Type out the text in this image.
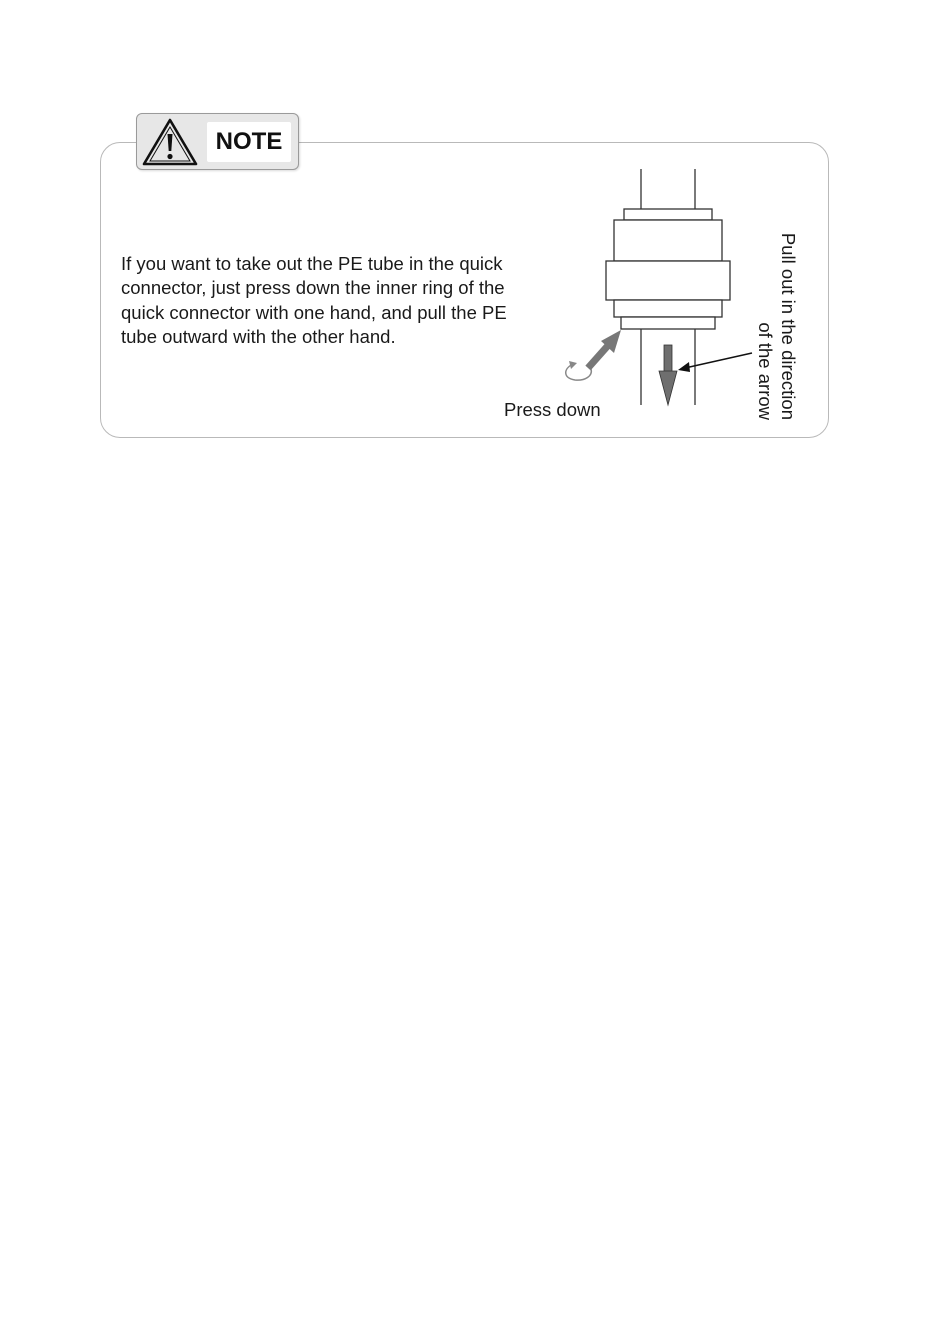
NOTE
If you want to take out the PE tube in the quick
connector, just press down the inner ring of the
quick connector with one hand, and pull the PE
tube outward with the other hand.
Press down	Pull out in the direction
of the arrow
